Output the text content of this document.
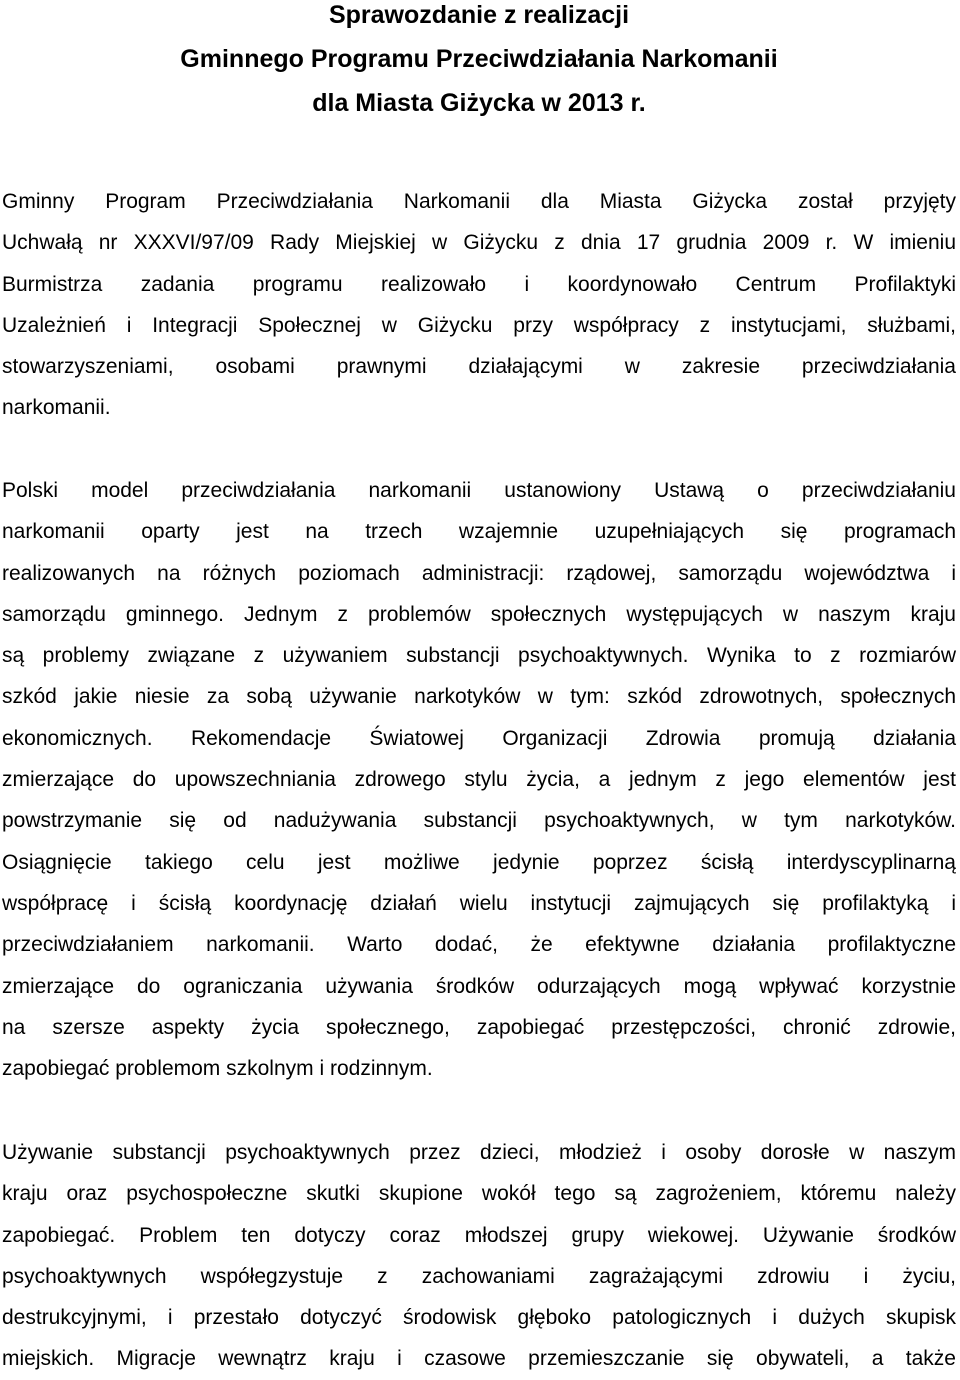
Sprawozdanie z realizacji
Gminnego Programu Przeciwdziałania Narkomanii
dla Miasta Giżycka w 2013 r.
Gminny Program Przeciwdziałania Narkomanii dla Miasta Giżycka został przyjęty
Uchwałą nr XXXVI/97/09 Rady Miejskiej w Giżycku z dnia 17 grudnia 2009 r. W imieniu
Burmistrza zadania programu realizowało i koordynowało Centrum Profilaktyki
Uzależnień i Integracji Społecznej w Giżycku przy współpracy z instytucjami, służbami,
stowarzyszeniami, osobami prawnymi działającymi w zakresie przeciwdziałania
narkomanii.
Polski model przeciwdziałania narkomanii ustanowiony Ustawą o przeciwdziałaniu
narkomanii oparty jest na trzech wzajemnie uzupełniających się programach
realizowanych na różnych poziomach administracji: rządowej, samorządu województwa i
samorządu gminnego. Jednym z problemów społecznych występujących w naszym kraju
są problemy związane z używaniem substancji psychoaktywnych. Wynika to z rozmiarów
szkód jakie niesie za sobą używanie narkotyków w tym: szkód zdrowotnych, społecznych
ekonomicznych. Rekomendacje Światowej Organizacji Zdrowia promują działania
zmierzające do upowszechniania zdrowego stylu życia, a jednym z jego elementów jest
powstrzymanie się od nadużywania substancji psychoaktywnych, w tym narkotyków.
Osiągnięcie takiego celu jest możliwe jedynie poprzez ścisłą interdyscyplinarną
współpracę i ścisłą koordynację działań wielu instytucji zajmujących się profilaktyką i
przeciwdziałaniem narkomanii. Warto dodać, że efektywne działania profilaktyczne
zmierzające do ograniczania używania środków odurzających mogą wpływać korzystnie
na szersze aspekty życia społecznego, zapobiegać przestępczości, chronić zdrowie,
zapobiegać problemom szkolnym i rodzinnym.
Używanie substancji psychoaktywnych przez dzieci, młodzież i osoby dorosłe w naszym
kraju oraz psychospołeczne skutki skupione wokół tego są zagrożeniem, któremu należy
zapobiegać. Problem ten dotyczy coraz młodszej grupy wiekowej. Używanie środków
psychoaktywnych współegzystuje z zachowaniami zagrażającymi zdrowiu i życiu,
destrukcyjnymi, i przestało dotyczyć środowisk głęboko patologicznych i dużych skupisk
miejskich. Migracje wewnątrz kraju i czasowe przemieszczanie się obywateli, a także
